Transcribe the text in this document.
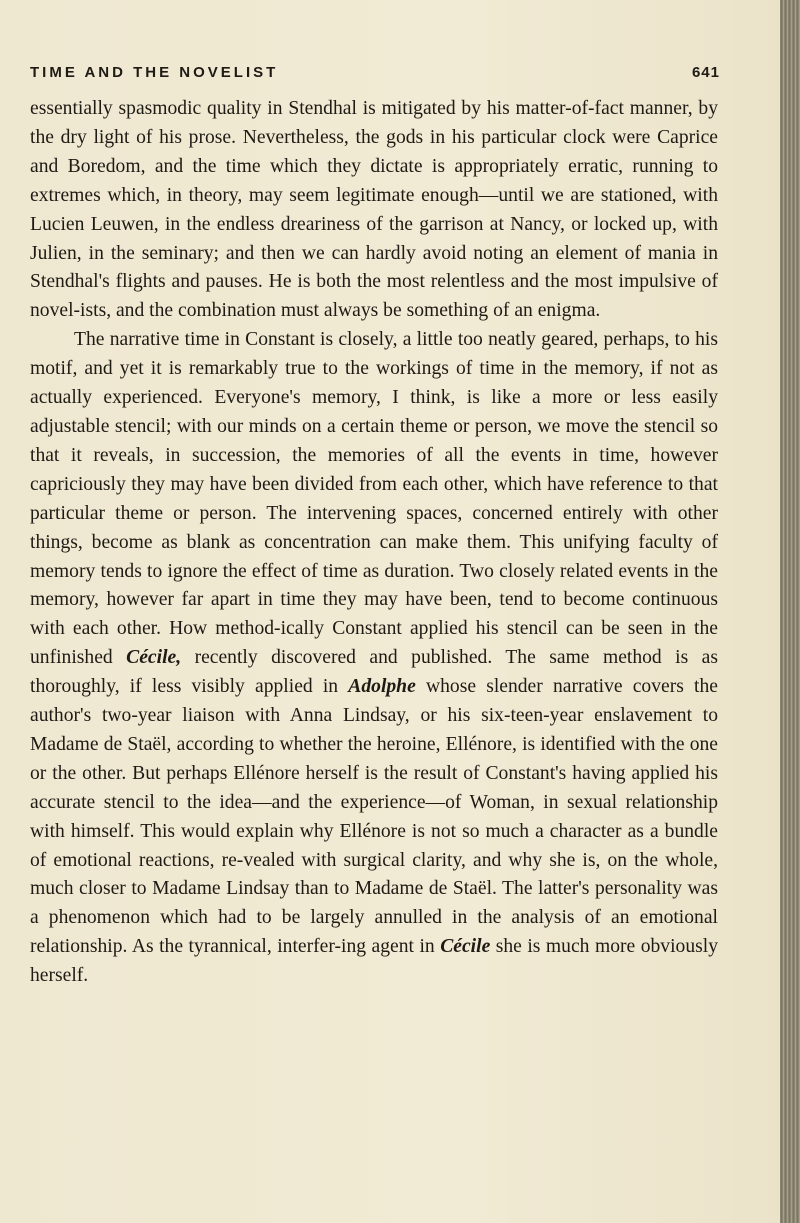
TIME AND THE NOVELIST	641

essentially spasmodic quality in Stendhal is mitigated by his matter-of-fact manner, by the dry light of his prose. Nevertheless, the gods in his particular clock were Caprice and Boredom, and the time which they dictate is appropriately erratic, running to extremes which, in theory, may seem legitimate enough—until we are stationed, with Lucien Leuwen, in the endless dreariness of the garrison at Nancy, or locked up, with Julien, in the seminary; and then we can hardly avoid noting an element of mania in Stendhal's flights and pauses. He is both the most relentless and the most impulsive of novel-ists, and the combination must always be something of an enigma.

The narrative time in Constant is closely, a little too neatly geared, perhaps, to his motif, and yet it is remarkably true to the workings of time in the memory, if not as actually experienced. Everyone's memory, I think, is like a more or less easily adjustable stencil; with our minds on a certain theme or person, we move the stencil so that it reveals, in succession, the memories of all the events in time, however capriciously they may have been divided from each other, which have reference to that particular theme or person. The intervening spaces, concerned entirely with other things, become as blank as concentration can make them. This unifying faculty of memory tends to ignore the effect of time as duration. Two closely related events in the memory, however far apart in time they may have been, tend to become continuous with each other. How method-ically Constant applied his stencil can be seen in the unfinished Cécile, recently discovered and published. The same method is as thoroughly, if less visibly applied in Adolphe whose slender narrative covers the author's two-year liaison with Anna Lindsay, or his six-teen-year enslavement to Madame de Staël, according to whether the heroine, Ellénore, is identified with the one or the other. But perhaps Ellénore herself is the result of Constant's having applied his accurate stencil to the idea—and the experience—of Woman, in sexual relationship with himself. This would explain why Ellénore is not so much a character as a bundle of emotional reactions, re-vealed with surgical clarity, and why she is, on the whole, much closer to Madame Lindsay than to Madame de Staël. The latter's personality was a phenomenon which had to be largely annulled in the analysis of an emotional relationship. As the tyrannical, interfer-ing agent in Cécile she is much more obviously herself.
